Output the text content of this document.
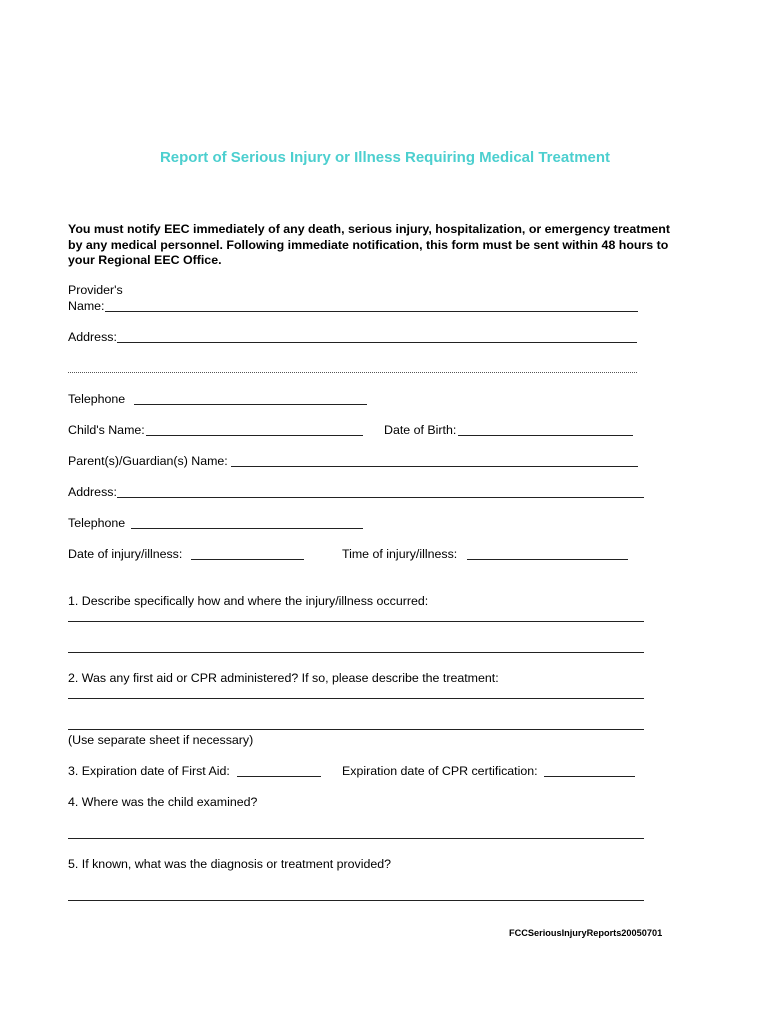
Report of Serious Injury or Illness Requiring Medical Treatment
You must notify EEC immediately of any death, serious injury, hospitalization, or emergency treatment
by any medical personnel. Following immediate notification, this form must be sent within 48 hours to
your Regional EEC Office.
Provider's
Name:
Address:
Telephone
Child's Name:	Date of Birth:
Parent(s)/Guardian(s) Name:
Address:
Telephone
Date of injury/illness:	Time of injury/illness:
1. Describe specifically how and where the injury/illness occurred:
2. Was any first aid or CPR administered? If so, please describe the treatment:
(Use separate sheet if necessary)
3. Expiration date of First Aid:	Expiration date of CPR certification:
4. Where was the child examined?
5. If known, what was the diagnosis or treatment provided?
FCCSeriousInjuryReports20050701
